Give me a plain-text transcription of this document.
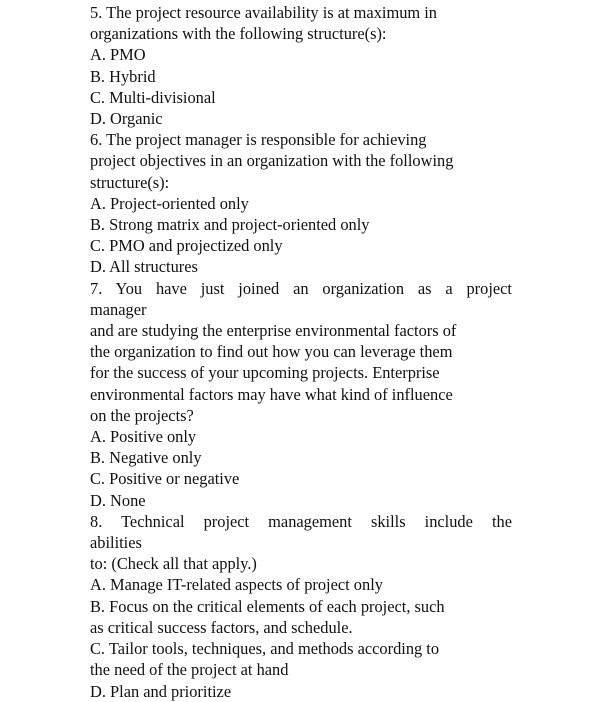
5. The project resource availability is at maximum in
organizations with the following structure(s):
A. PMO
B. Hybrid
C. Multi-divisional
D. Organic
6. The project manager is responsible for achieving
project objectives in an organization with the following
structure(s):
A. Project-oriented only
B. Strong matrix and project-oriented only
C. PMO and projectized only
D. All structures
7. You have just joined an organization as a project
manager
and are studying the enterprise environmental factors of
the organization to find out how you can leverage them
for the success of your upcoming projects. Enterprise
environmental factors may have what kind of influence
on the projects?
A. Positive only
B. Negative only
C. Positive or negative
D. None
8. Technical project management skills include the
abilities
to: (Check all that apply.)
A. Manage IT-related aspects of project only
B. Focus on the critical elements of each project, such
as critical success factors, and schedule.
C. Tailor tools, techniques, and methods according to
the need of the project at hand
D. Plan and prioritize
